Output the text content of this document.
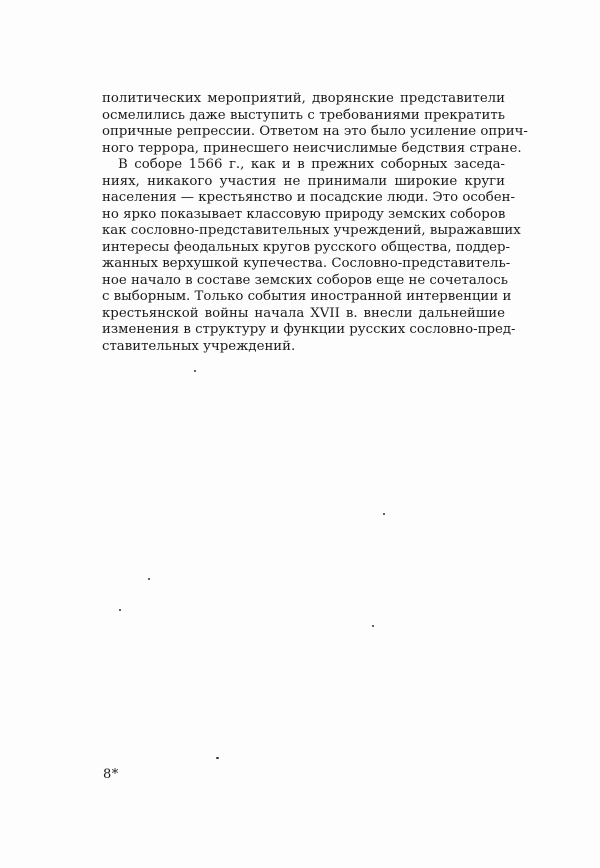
политических мероприятий, дворянские представители
осмелились даже выступить с требованиями прекратить
опричные репрессии. Ответом на это было усиление оприч-
ного террора, принесшего неисчислимые бедствия стране.
В соборе 1566 г., как и в прежних соборных заседа-
ниях, никакого участия не принимали широкие круги
населения — крестьянство и посадские люди. Это особен-
но ярко показывает классовую природу земских соборов
как сословно-представительных учреждений, выражавших
интересы феодальных кругов русского общества, поддер-
жанных верхушкой купечества. Сословно-представитель-
ное начало в составе земских соборов еще не сочеталось
с выборным. Только события иностранной интервенции и
крестьянской войны начала XVII в. внесли дальнейшие
изменения в структуру и функции русских сословно-пред-
ставительных учреждений.
8*
